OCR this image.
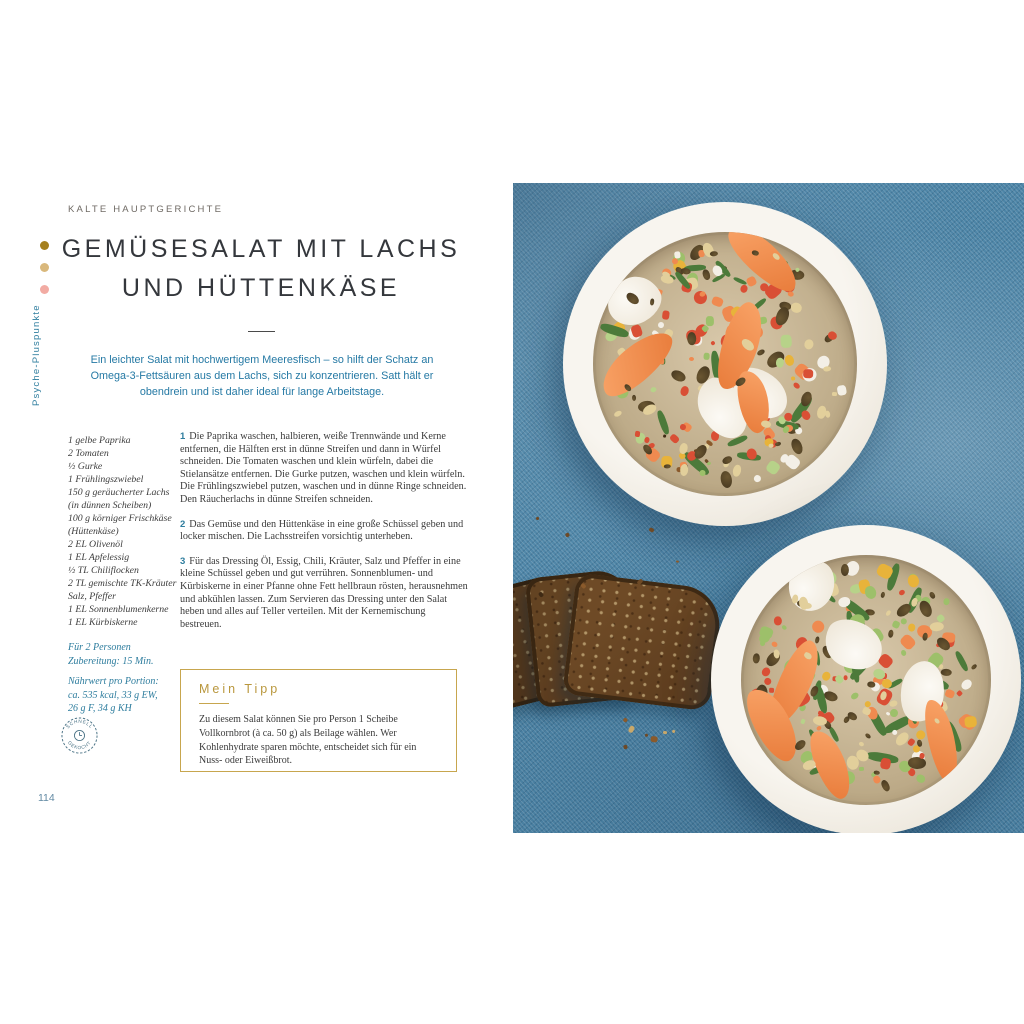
Psyche-Pluspunkte
KALTE HAUPTGERICHTE
GEMÜSESALAT MIT LACHS
UND HÜTTENKÄSE

Ein leichter Salat mit hochwertigem Meeresfisch – so hilft der Schatz an Omega-3-Fettsäuren aus dem Lachs, sich zu konzentrieren. Satt hält er obendrein und ist daher ideal für lange Arbeitstage.

1 gelbe Paprika
2 Tomaten
½ Gurke
1 Frühlingszwiebel
150 g geräucherter Lachs
(in dünnen Scheiben)
100 g körniger Frischkäse
(Hüttenkäse)
2 EL Olivenöl
1 EL Apfelessig
½ TL Chiliflocken
2 TL gemischte TK-Kräuter
Salz, Pfeffer
1 EL Sonnenblumenkerne
1 EL Kürbiskerne

1 Die Paprika waschen, halbieren, weiße Trennwände und Kerne entfernen, die Hälften erst in dünne Streifen und dann in Würfel schneiden. Die Tomaten waschen und klein würfeln, dabei die Stielansätze entfernen. Die Gurke putzen, waschen und klein würfeln. Die Frühlingszwiebel putzen, waschen und in dünne Ringe schneiden. Den Räucherlachs in dünne Streifen schneiden.

2 Das Gemüse und den Hüttenkäse in eine große Schüssel geben und locker mischen. Die Lachsstreifen vorsichtig unterheben.

3 Für das Dressing Öl, Essig, Chili, Kräuter, Salz und Pfeffer in eine kleine Schüssel geben und gut verrühren. Sonnenblumen- und Kürbiskerne in einer Pfanne ohne Fett hellbraun rösten, herausnehmen und abkühlen lassen. Zum Servieren das Dressing unter den Salat heben und alles auf Teller verteilen. Mit der Kernemischung bestreuen.

Für 2 Personen
Zubereitung: 15 Min.
Nährwert pro Portion:
ca. 535 kcal, 33 g EW,
26 g F, 34 g KH
SCHNELL
GEKOCHT
Mein Tipp

Zu diesem Salat können Sie pro Person 1 Scheibe Vollkornbrot (à ca. 50 g) als Beilage wählen. Wer Kohlenhydrate sparen möchte, entscheidet sich für ein Nuss- oder Eiweißbrot.

114
